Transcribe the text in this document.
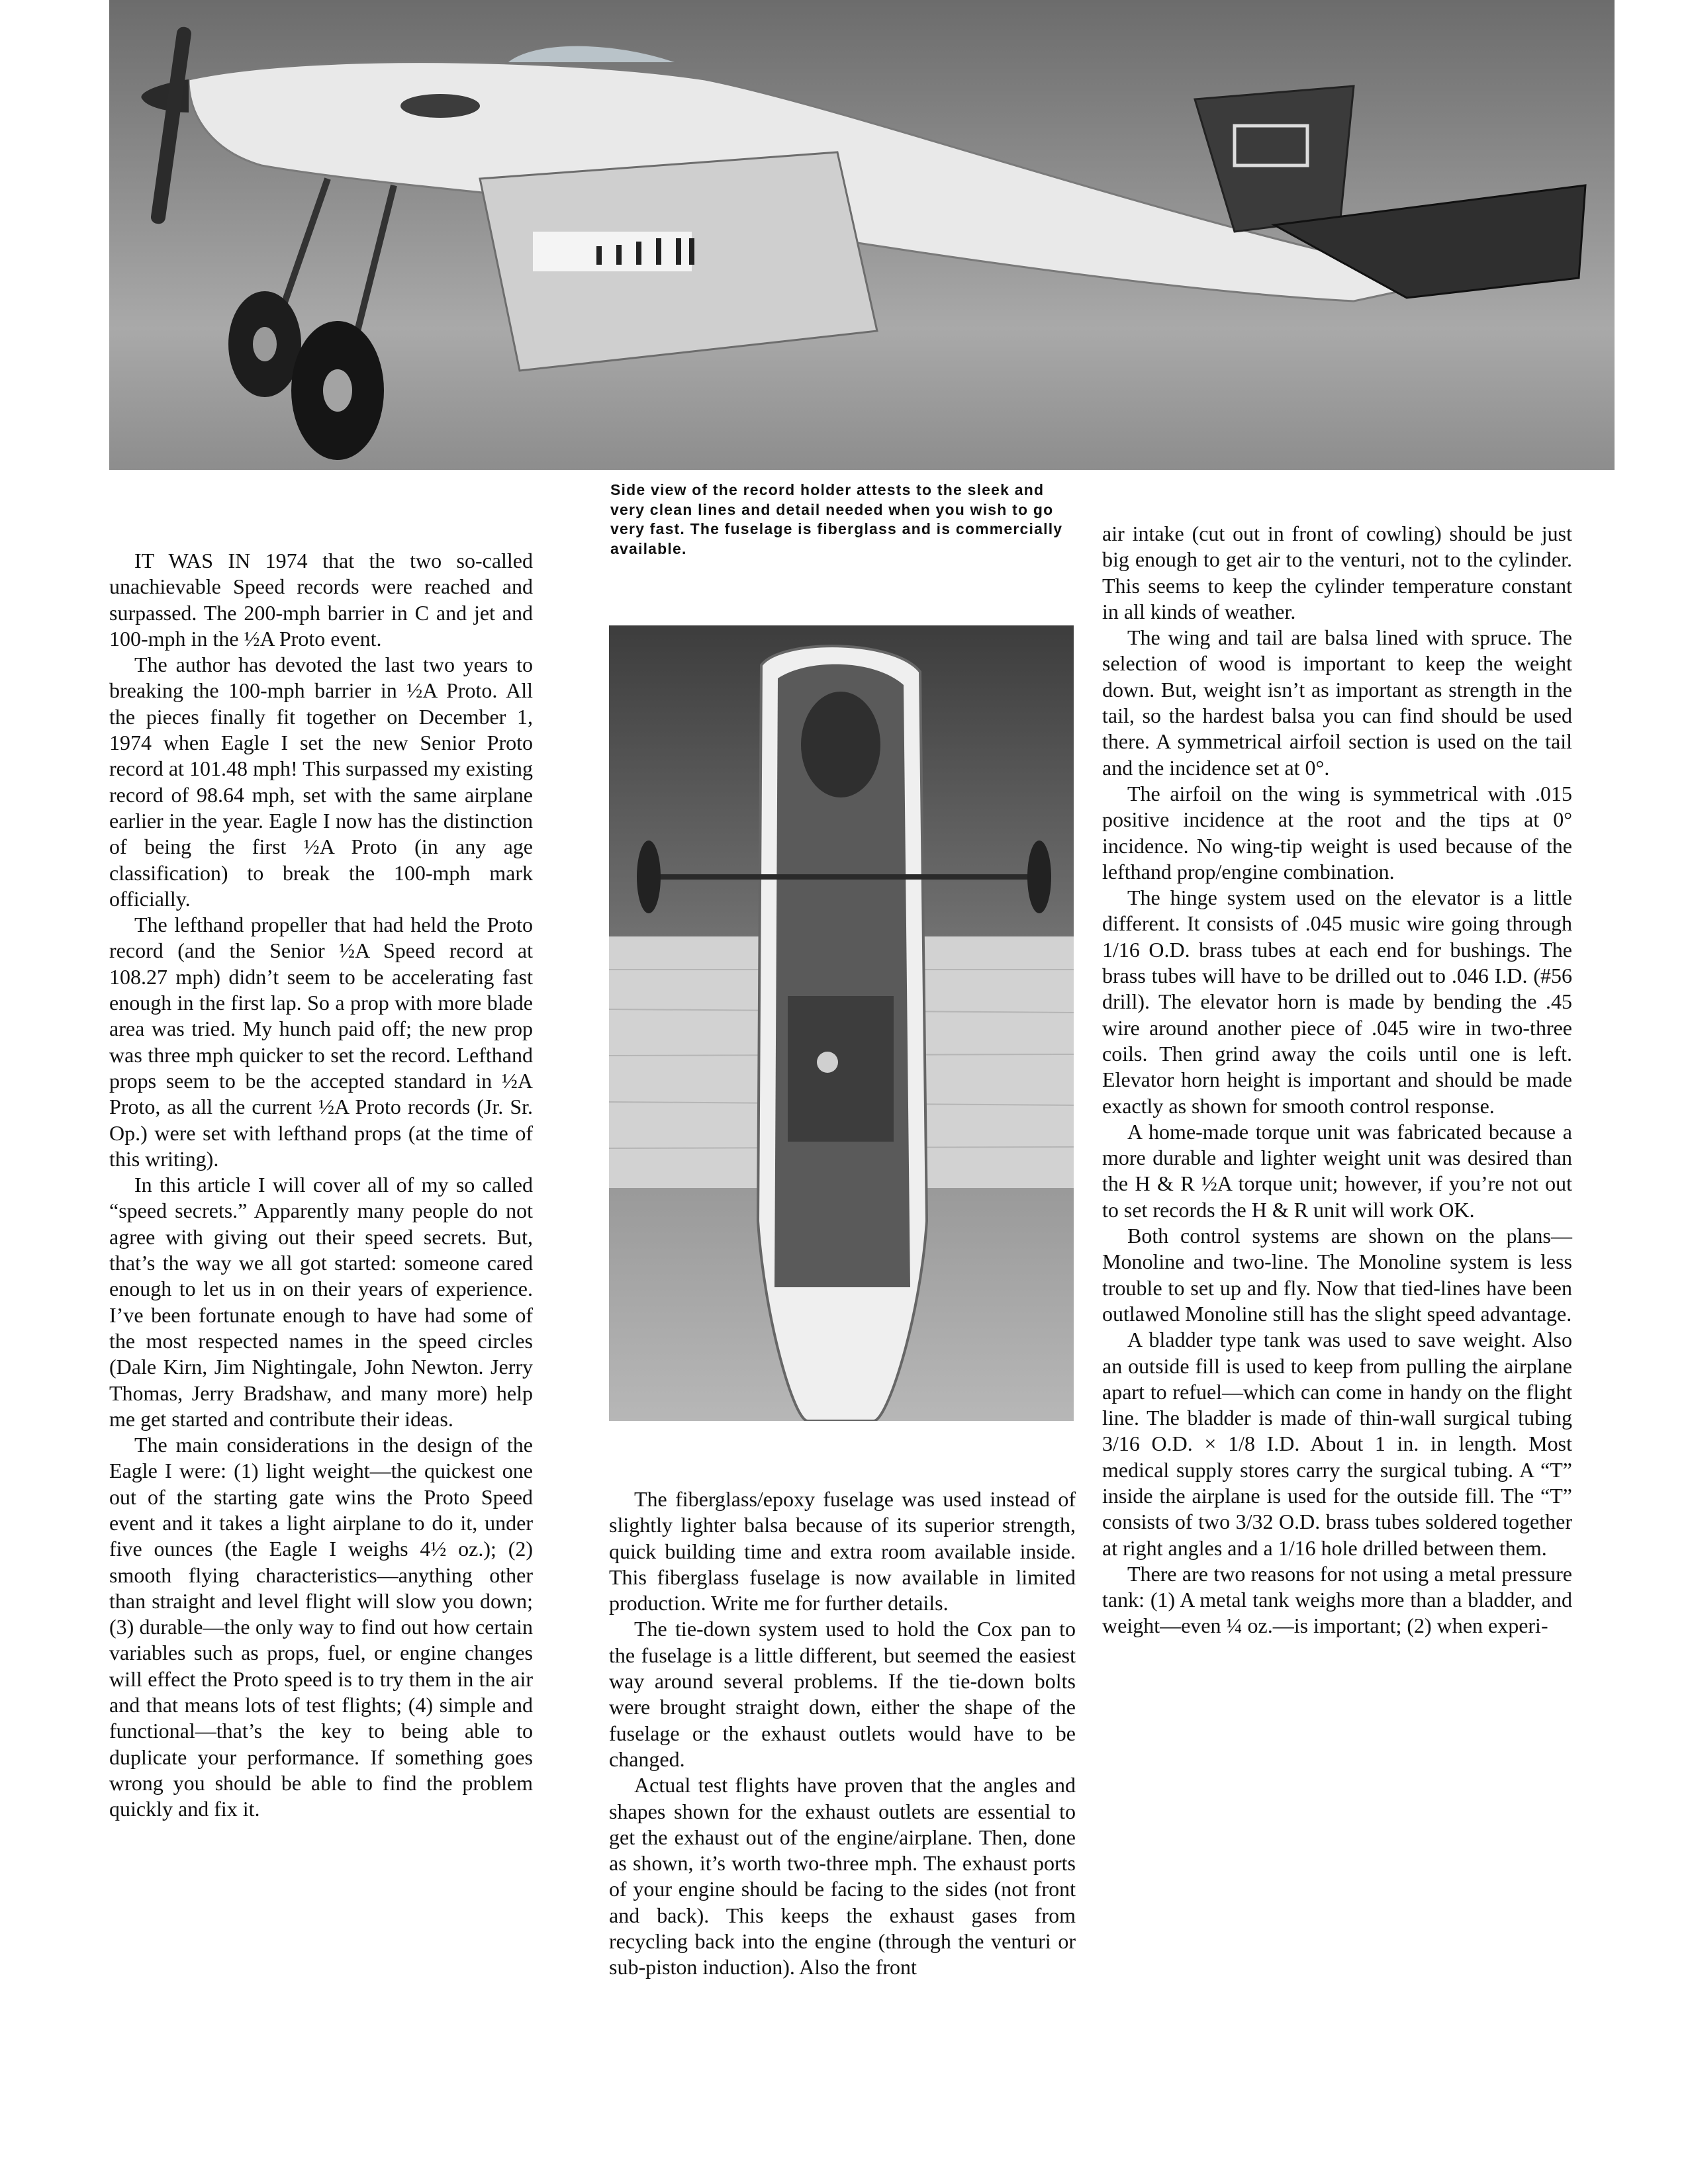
Side view of the record holder attests to the sleek and very clean lines and detail needed when you wish to go very fast. The fuselage is fiberglass and is commercially available.

IT WAS IN 1974 that the two so-called unachievable Speed records were reached and surpassed. The 200-mph barrier in C and jet and 100-mph in the ½A Proto event.

The author has devoted the last two years to breaking the 100-mph barrier in ½A Proto. All the pieces finally fit together on December 1, 1974 when Eagle I set the new Senior Proto record at 101.48 mph! This surpassed my existing record of 98.64 mph, set with the same airplane earlier in the year. Eagle I now has the distinction of being the first ½A Proto (in any age classification) to break the 100-mph mark officially.

The lefthand propeller that had held the Proto record (and the Senior ½A Speed record at 108.27 mph) didn’t seem to be accelerating fast enough in the first lap. So a prop with more blade area was tried. My hunch paid off; the new prop was three mph quicker to set the record. Lefthand props seem to be the accepted standard in ½A Proto, as all the current ½A Proto records (Jr. Sr. Op.) were set with lefthand props (at the time of this writing).

In this article I will cover all of my so called “speed secrets.” Apparently many people do not agree with giving out their speed secrets. But, that’s the way we all got started: someone cared enough to let us in on their years of experience. I’ve been fortunate enough to have had some of the most respected names in the speed circles (Dale Kirn, Jim Nightingale, John Newton. Jerry Thomas, Jerry Bradshaw, and many more) help me get started and contribute their ideas.

The main considerations in the design of the Eagle I were: (1) light weight—the quickest one out of the starting gate wins the Proto Speed event and it takes a light airplane to do it, under five ounces (the Eagle I weighs 4½ oz.); (2) smooth flying characteristics—anything other than straight and level flight will slow you down; (3) durable—the only way to find out how certain variables such as props, fuel, or engine changes will effect the Proto speed is to try them in the air and that means lots of test flights; (4) simple and functional—that’s the key to being able to duplicate your performance. If something goes wrong you should be able to find the problem quickly and fix it.

The fiberglass/epoxy fuselage was used instead of slightly lighter balsa because of its superior strength, quick building time and extra room available inside. This fiberglass fuselage is now available in limited production. Write me for further details.

The tie-down system used to hold the Cox pan to the fuselage is a little different, but seemed the easiest way around several problems. If the tie-down bolts were brought straight down, either the shape of the fuselage or the exhaust outlets would have to be changed.

Actual test flights have proven that the angles and shapes shown for the exhaust outlets are essential to get the exhaust out of the engine/airplane. Then, done as shown, it’s worth two-three mph. The exhaust ports of your engine should be facing to the sides (not front and back). This keeps the exhaust gases from recycling back into the engine (through the venturi or sub-piston induction). Also the front

air intake (cut out in front of cowling) should be just big enough to get air to the venturi, not to the cylinder. This seems to keep the cylinder temperature constant in all kinds of weather.

The wing and tail are balsa lined with spruce. The selection of wood is important to keep the weight down. But, weight isn’t as important as strength in the tail, so the hardest balsa you can find should be used there. A symmetrical airfoil section is used on the tail and the incidence set at 0°.

The airfoil on the wing is symmetrical with .015 positive incidence at the root and the tips at 0° incidence. No wing-tip weight is used because of the lefthand prop/engine combination.

The hinge system used on the elevator is a little different. It consists of .045 music wire going through 1/16 O.D. brass tubes at each end for bushings. The brass tubes will have to be drilled out to .046 I.D. (#56 drill). The elevator horn is made by bending the .45 wire around another piece of .045 wire in two-three coils. Then grind away the coils until one is left. Elevator horn height is important and should be made exactly as shown for smooth control response.

A home-made torque unit was fabricated because a more durable and lighter weight unit was desired than the H & R ½A torque unit; however, if you’re not out to set records the H & R unit will work OK.

Both control systems are shown on the plans—Monoline and two-line. The Monoline system is less trouble to set up and fly. Now that tied-lines have been outlawed Monoline still has the slight speed advantage.

A bladder type tank was used to save weight. Also an outside fill is used to keep from pulling the airplane apart to refuel—which can come in handy on the flight line. The bladder is made of thin-wall surgical tubing 3/16 O.D. × 1/8 I.D. About 1 in. in length. Most medical supply stores carry the surgical tubing. A “T” inside the airplane is used for the outside fill. The “T” consists of two 3/32 O.D. brass tubes soldered together at right angles and a 1/16 hole drilled between them.

There are two reasons for not using a metal pressure tank: (1) A metal tank weighs more than a bladder, and weight—even ¼ oz.—is important; (2) when experi-
